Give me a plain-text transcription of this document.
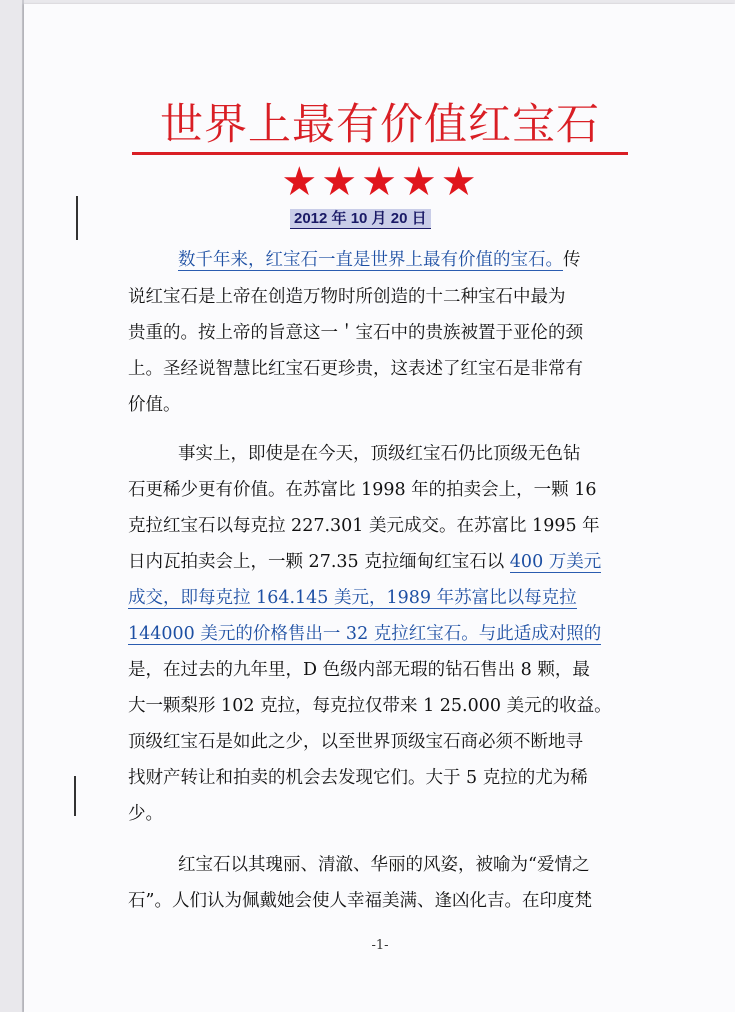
世界上最有价值红宝石
★★★★★
2012 年 10 月 20 日
数千年来，红宝石一直是世界上最有价值的宝石。传
说红宝石是上帝在创造万物时所创造的十二种宝石中最为
贵重的。按上帝的旨意这一＇宝石中的贵族被置于亚伦的颈
上。圣经说智慧比红宝石更珍贵，这表述了红宝石是非常有
价值。
事实上，即使是在今天，顶级红宝石仍比顶级无色钻
石更稀少更有价值。在苏富比 1998 年的拍卖会上，一颗 16
克拉红宝石以每克拉 227.301 美元成交。在苏富比 1995 年
日内瓦拍卖会上，一颗 27.35 克拉缅甸红宝石以 400 万美元
成交，即每克拉 164.145 美元，1989 年苏富比以每克拉
144000 美元的价格售出一 32 克拉红宝石。与此适成对照的
是，在过去的九年里，D 色级内部无瑕的钻石售出 8 颗，最
大一颗梨形 102 克拉，每克拉仅带来 1 25.000 美元的收益。
顶级红宝石是如此之少，以至世界顶级宝石商必须不断地寻
找财产转让和拍卖的机会去发现它们。大于 5 克拉的尤为稀
少。
红宝石以其瑰丽、清澈、华丽的风姿，被喻为“爱情之
石”。人们认为佩戴她会使人幸福美满、逢凶化吉。在印度梵
-1-
